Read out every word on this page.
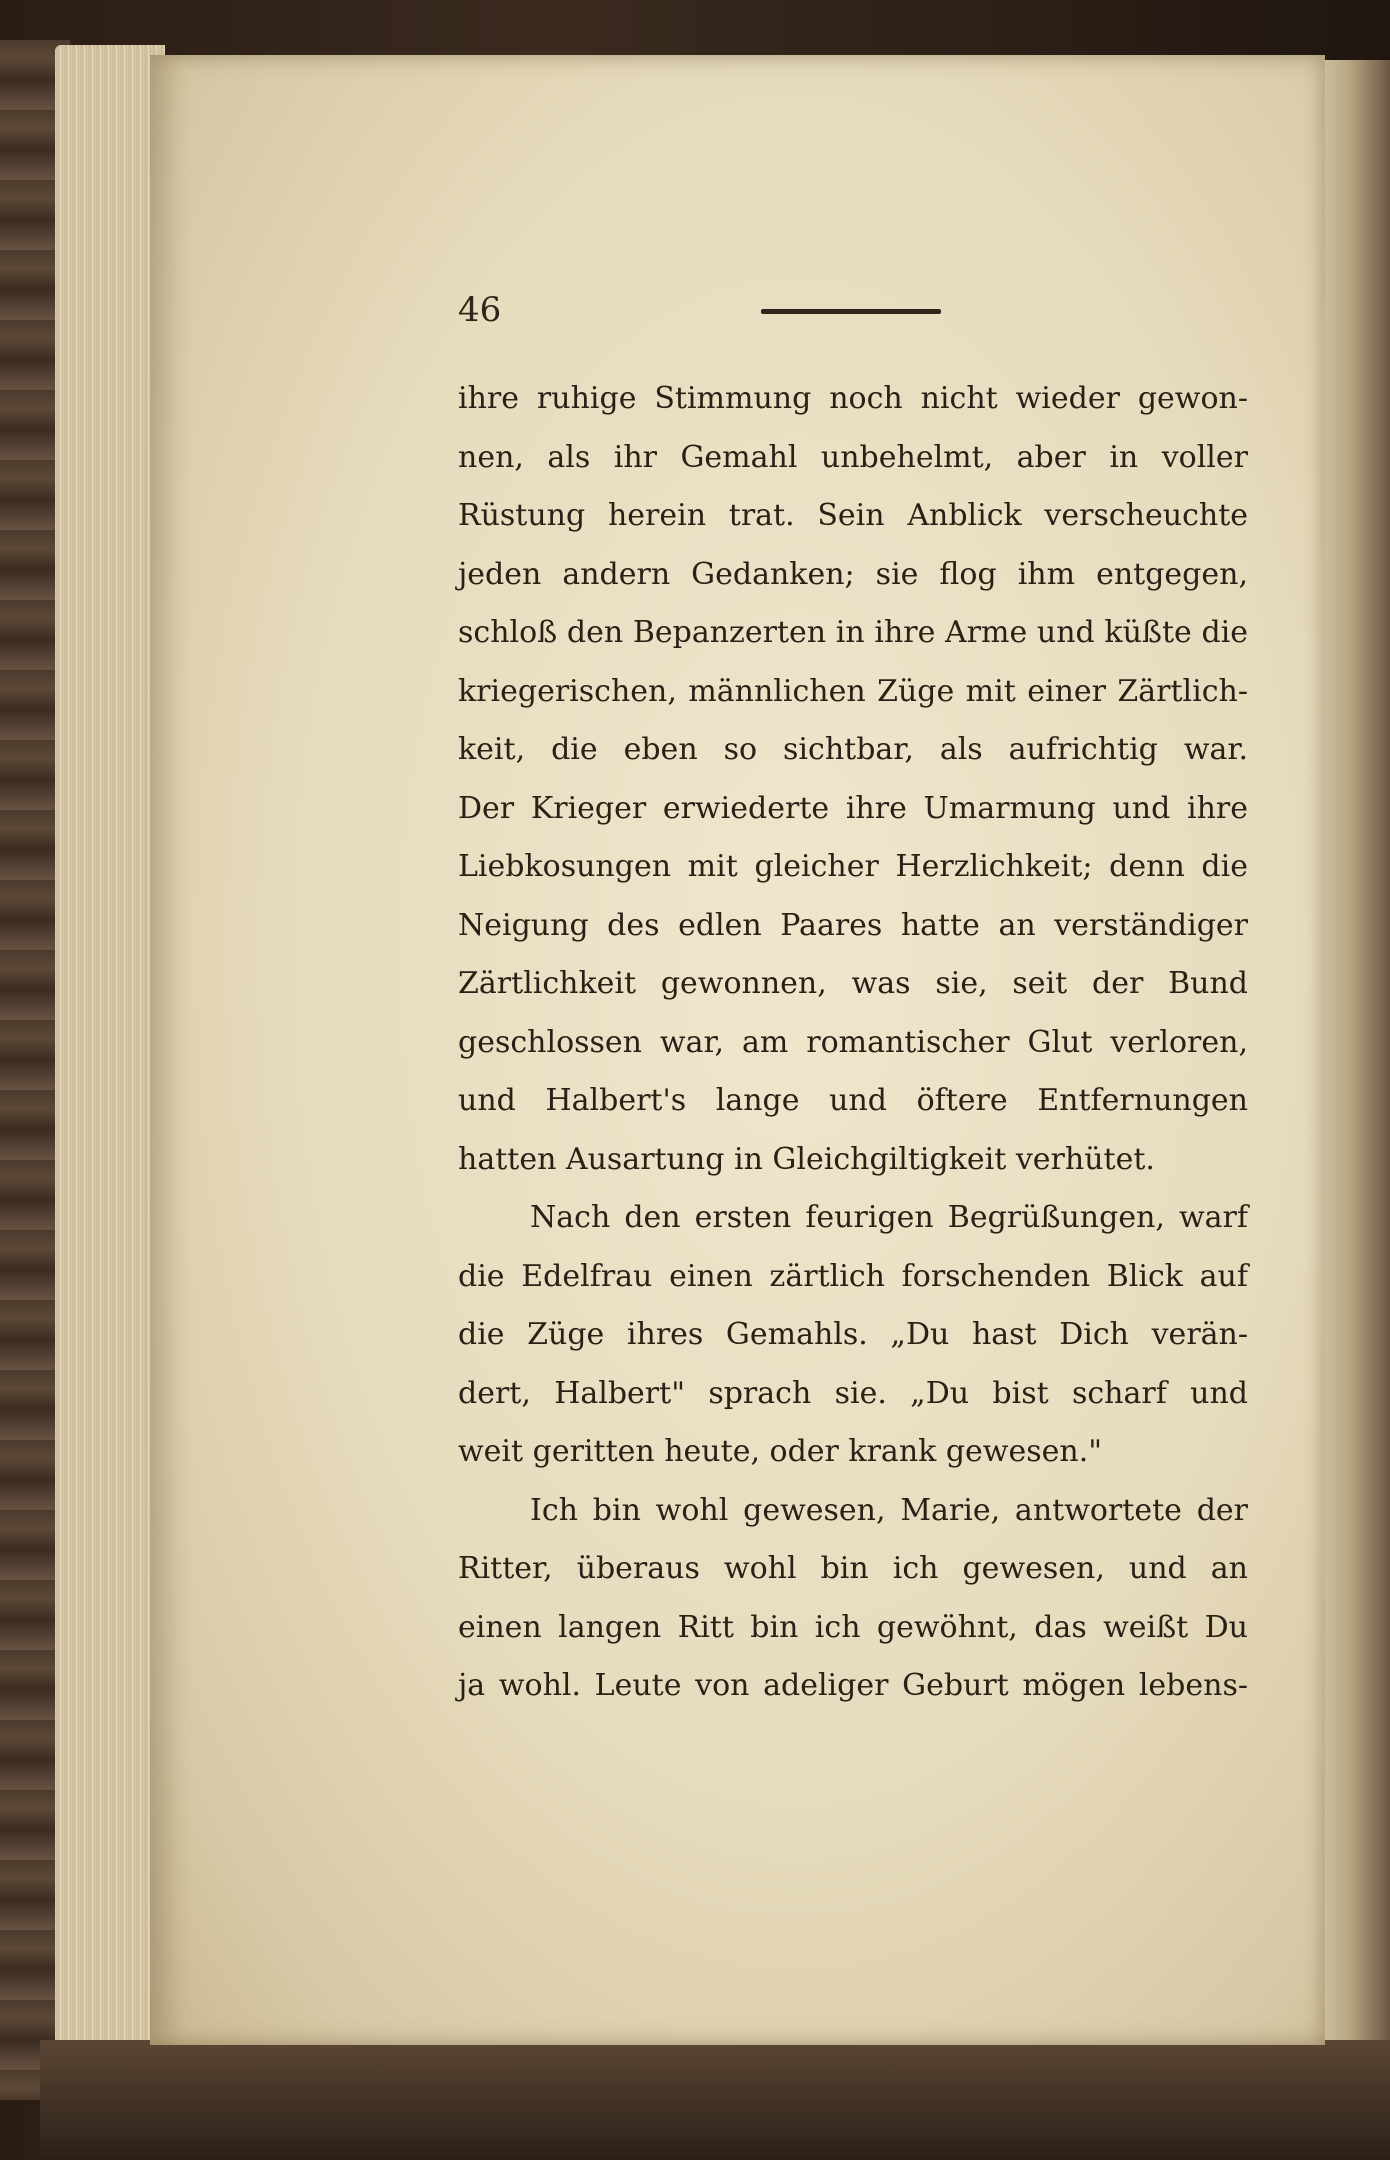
46
ihre ruhige Stimmung noch nicht wieder gewon-
nen, als ihr Gemahl unbehelmt, aber in voller
Rüstung herein trat. Sein Anblick verscheuchte
jeden andern Gedanken; sie flog ihm entgegen,
schloß den Bepanzerten in ihre Arme und küßte die
kriegerischen, männlichen Züge mit einer Zärtlich-
keit, die eben so sichtbar, als aufrichtig war.
Der Krieger erwiederte ihre Umarmung und ihre
Liebkosungen mit gleicher Herzlichkeit; denn die
Neigung des edlen Paares hatte an verständiger
Zärtlichkeit gewonnen, was sie, seit der Bund
geschlossen war, am romantischer Glut verloren,
und Halbert's lange und öftere Entfernungen
hatten Ausartung in Gleichgiltigkeit verhütet.
Nach den ersten feurigen Begrüßungen, warf
die Edelfrau einen zärtlich forschenden Blick auf
die Züge ihres Gemahls. „Du hast Dich verän-
dert, Halbert" sprach sie. „Du bist scharf und
weit geritten heute, oder krank gewesen."
Ich bin wohl gewesen, Marie, antwortete der
Ritter, überaus wohl bin ich gewesen, und an
einen langen Ritt bin ich gewöhnt, das weißt Du
ja wohl. Leute von adeliger Geburt mögen lebens-
